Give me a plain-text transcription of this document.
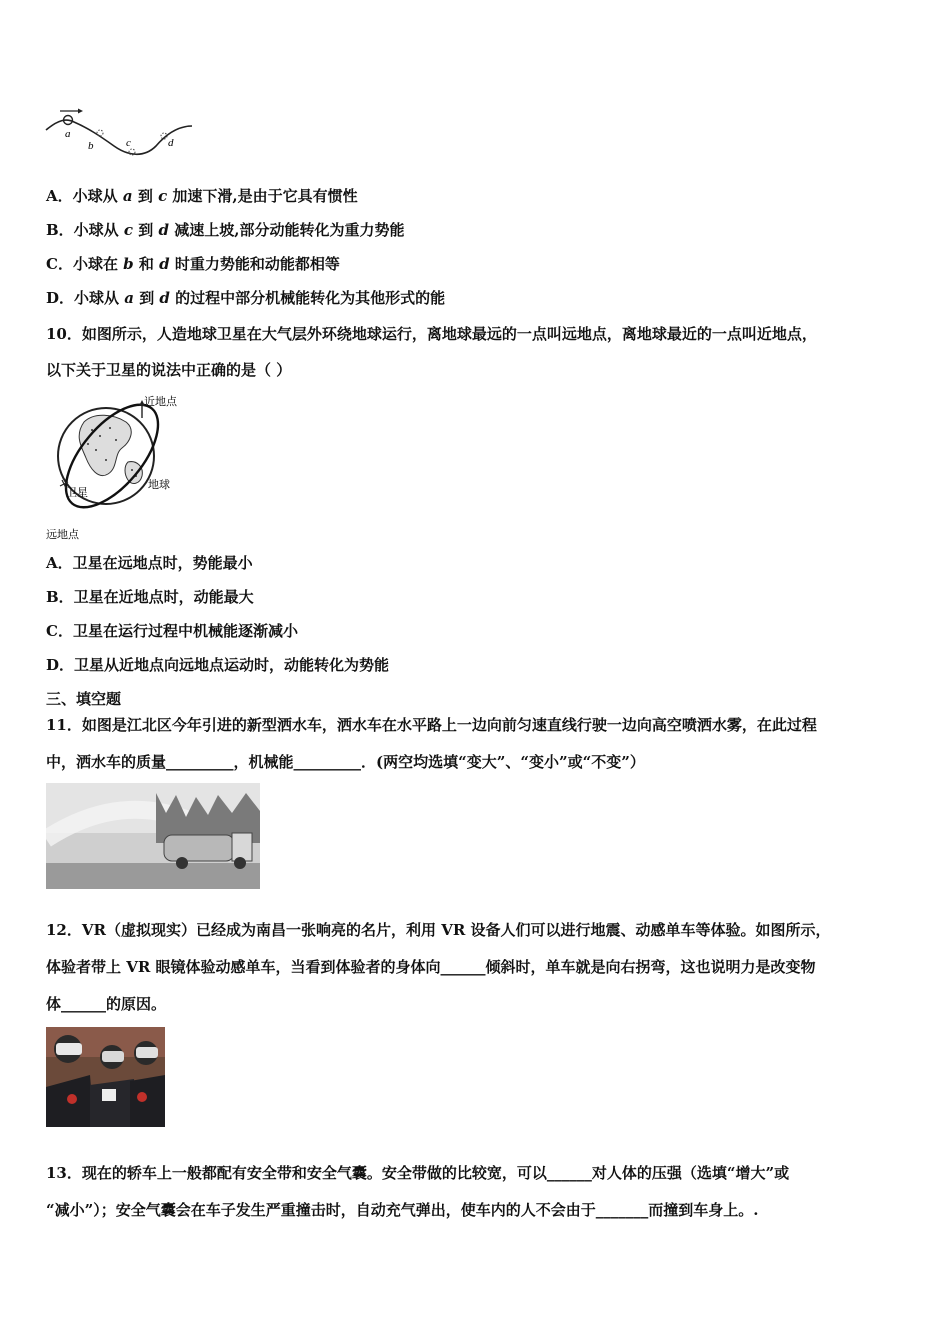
a
b	c	d
A．小球从 a 到 c 加速下滑,是由于它具有惯性
B．小球从 c 到 d 减速上坡,部分动能转化为重力势能
C．小球在 b 和 d 时重力势能和动能都相等
D．小球从 a 到 d 的过程中部分机械能转化为其他形式的能
10．如图所示，人造地球卫星在大气层外环绕地球运行，离地球最远的一点叫远地点，离地球最近的一点叫近地点，
以下关于卫星的说法中正确的是（ ）
近地点
地球
卫星
远地点
A．卫星在远地点时，势能最小
B．卫星在近地点时，动能最大
C．卫星在运行过程中机械能逐渐减小
D．卫星从近地点向远地点运动时，动能转化为势能
三、填空题
11．如图是江北区今年引进的新型洒水车，洒水车在水平路上一边向前匀速直线行驶一边向高空喷洒水雾，在此过程
中，洒水车的质量_________，机械能_________．(两空均选填“变大”、“变小”或“不变”）
12．VR（虚拟现实）已经成为南昌一张响亮的名片，利用 VR 设备人们可以进行地震、动感单车等体验。如图所示，
体验者带上 VR 眼镜体验动感单车，当看到体验者的身体向______倾斜时，单车就是向右拐弯，这也说明力是改变物
体______的原因。
13．现在的轿车上一般都配有安全带和安全气囊。安全带做的比较宽，可以______对人体的压强（选填“增大”或
“减小”）；安全气囊会在车子发生严重撞击时，自动充气弹出，使车内的人不会由于_______而撞到车身上。.
